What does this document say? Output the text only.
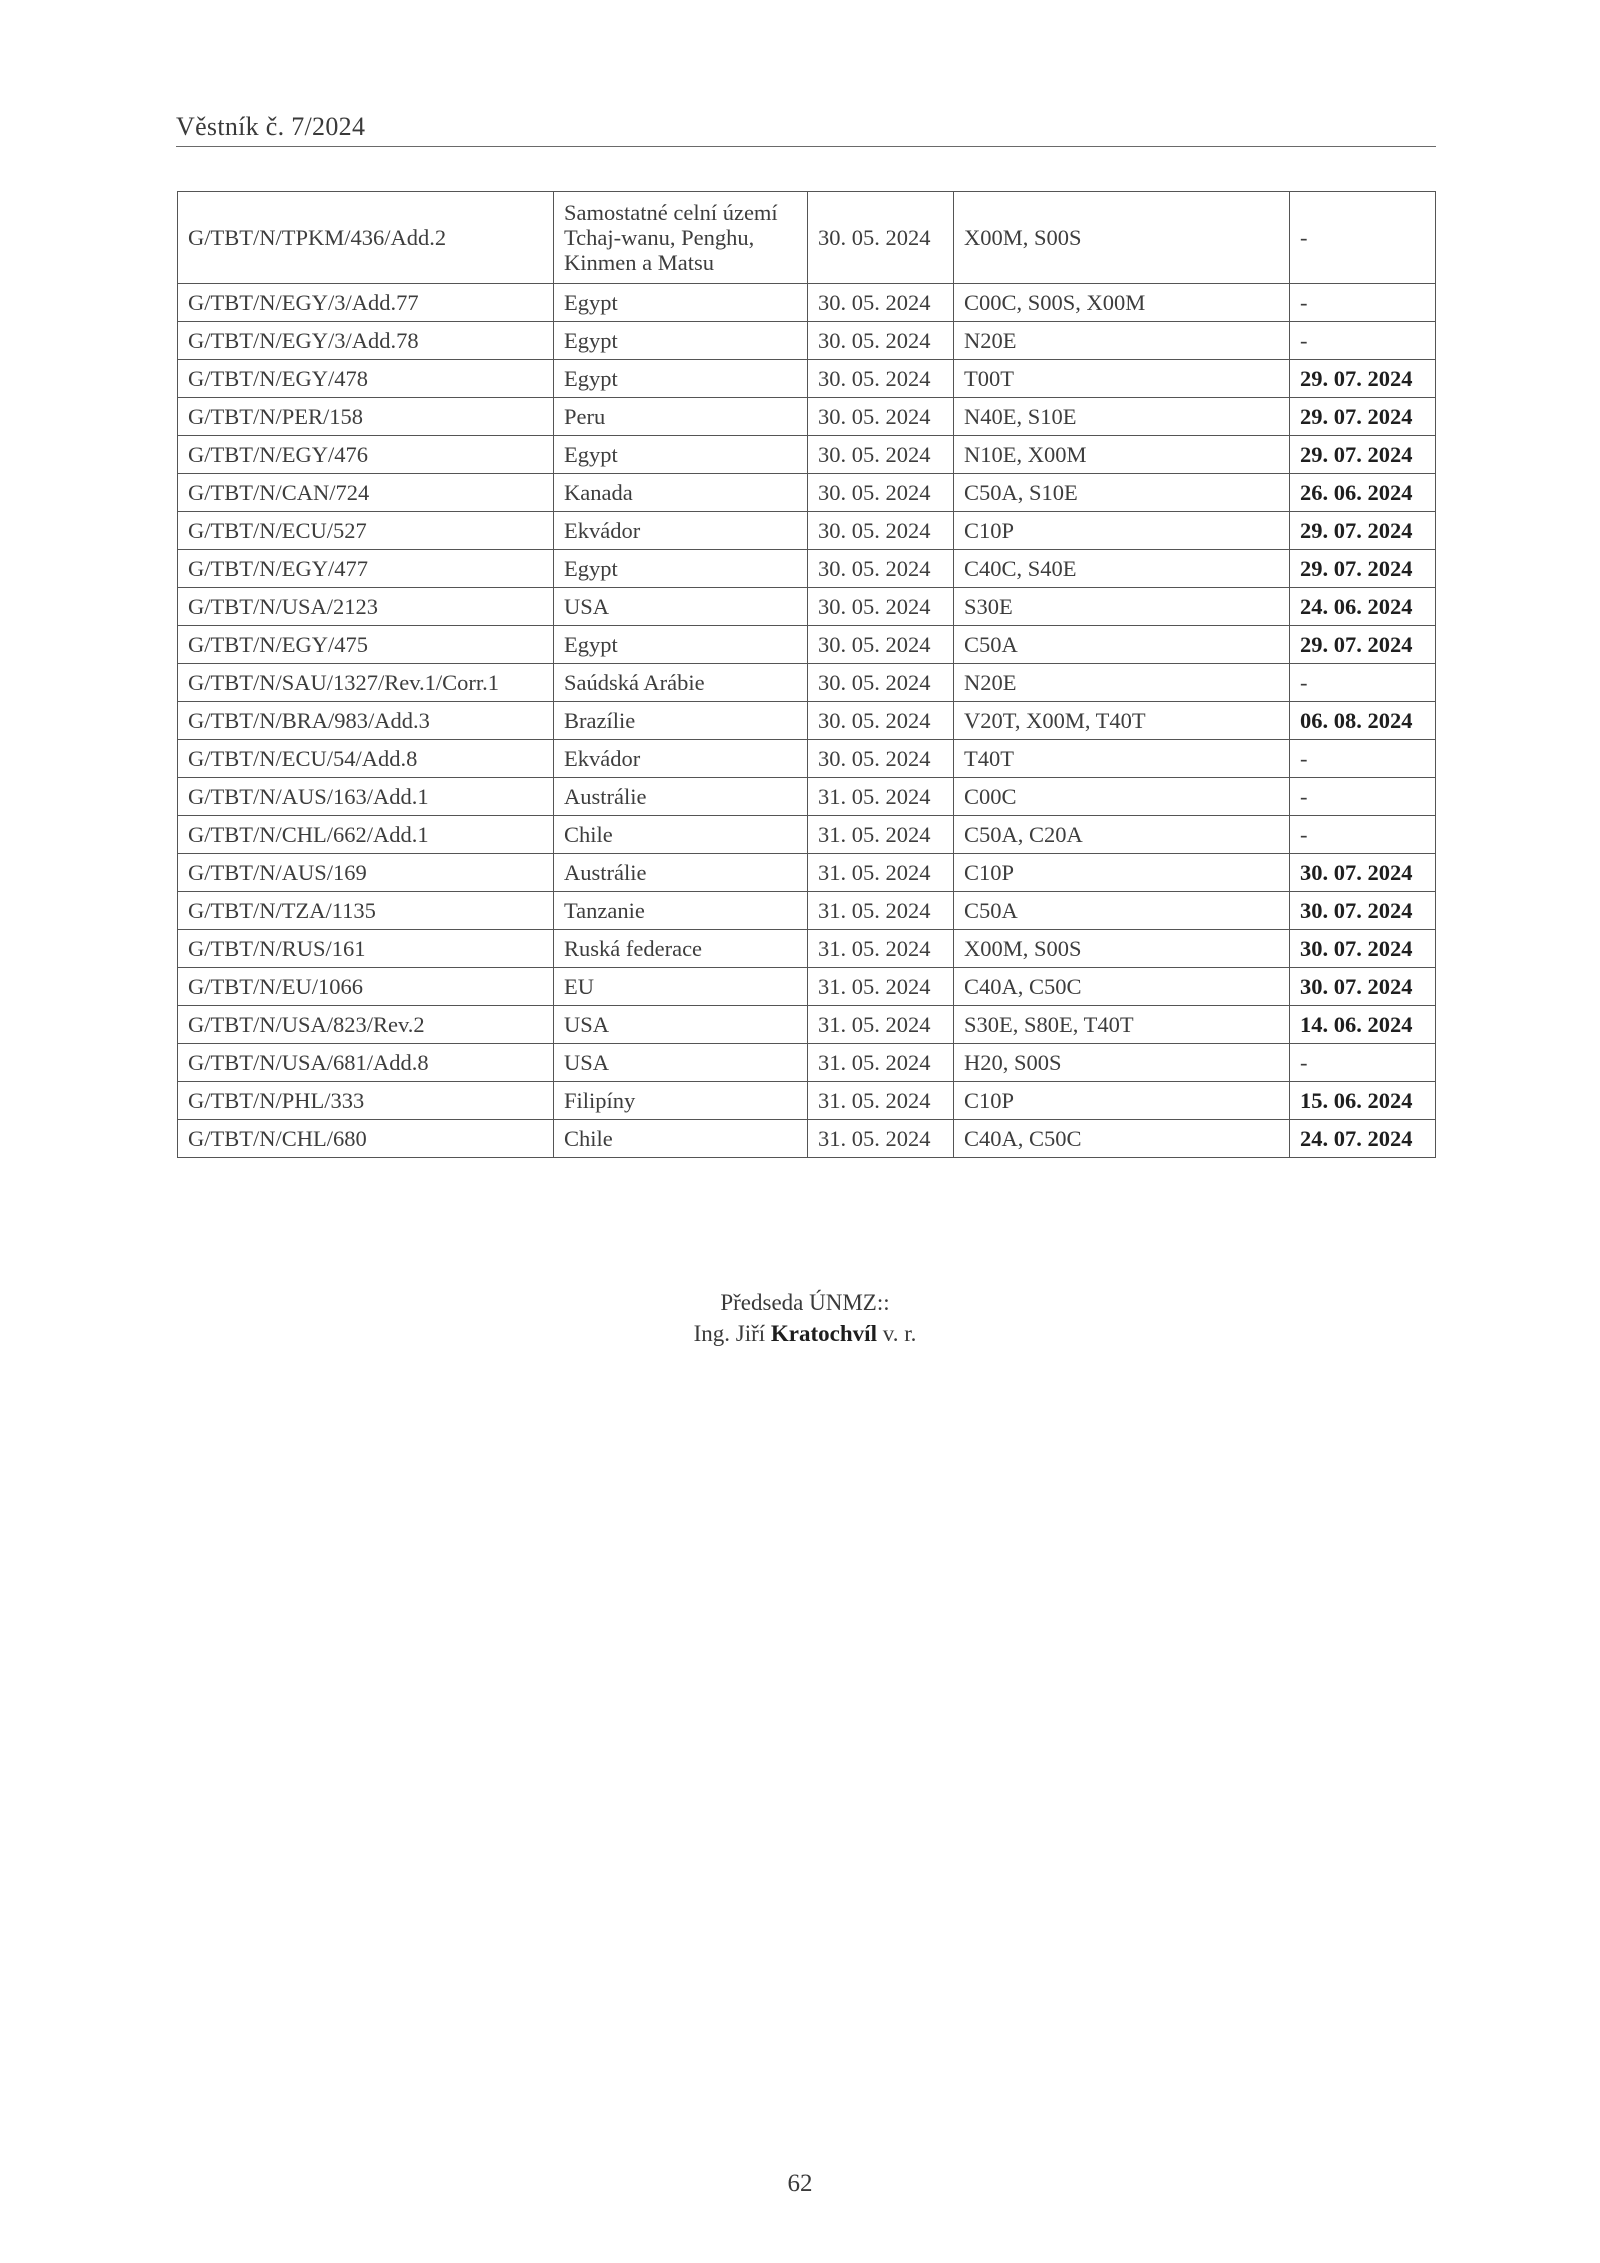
Věstník č. 7/2024
G/TBT/N/TPKM/436/Add.2	Samostatné celní území Tchaj-wanu, Penghu, Kinmen a Matsu	30. 05. 2024	X00M, S00S	-
G/TBT/N/EGY/3/Add.77	Egypt	30. 05. 2024	C00C, S00S, X00M	-
G/TBT/N/EGY/3/Add.78	Egypt	30. 05. 2024	N20E	-
G/TBT/N/EGY/478	Egypt	30. 05. 2024	T00T	29. 07. 2024
G/TBT/N/PER/158	Peru	30. 05. 2024	N40E, S10E	29. 07. 2024
G/TBT/N/EGY/476	Egypt	30. 05. 2024	N10E, X00M	29. 07. 2024
G/TBT/N/CAN/724	Kanada	30. 05. 2024	C50A, S10E	26. 06. 2024
G/TBT/N/ECU/527	Ekvádor	30. 05. 2024	C10P	29. 07. 2024
G/TBT/N/EGY/477	Egypt	30. 05. 2024	C40C, S40E	29. 07. 2024
G/TBT/N/USA/2123	USA	30. 05. 2024	S30E	24. 06. 2024
G/TBT/N/EGY/475	Egypt	30. 05. 2024	C50A	29. 07. 2024
G/TBT/N/SAU/1327/Rev.1/Corr.1	Saúdská Arábie	30. 05. 2024	N20E	-
G/TBT/N/BRA/983/Add.3	Brazílie	30. 05. 2024	V20T, X00M, T40T	06. 08. 2024
G/TBT/N/ECU/54/Add.8	Ekvádor	30. 05. 2024	T40T	-
G/TBT/N/AUS/163/Add.1	Austrálie	31. 05. 2024	C00C	-
G/TBT/N/CHL/662/Add.1	Chile	31. 05. 2024	C50A, C20A	-
G/TBT/N/AUS/169	Austrálie	31. 05. 2024	C10P	30. 07. 2024
G/TBT/N/TZA/1135	Tanzanie	31. 05. 2024	C50A	30. 07. 2024
G/TBT/N/RUS/161	Ruská federace	31. 05. 2024	X00M, S00S	30. 07. 2024
G/TBT/N/EU/1066	EU	31. 05. 2024	C40A, C50C	30. 07. 2024
G/TBT/N/USA/823/Rev.2	USA	31. 05. 2024	S30E, S80E, T40T	14. 06. 2024
G/TBT/N/USA/681/Add.8	USA	31. 05. 2024	H20, S00S	-
G/TBT/N/PHL/333	Filipíny	31. 05. 2024	C10P	15. 06. 2024
G/TBT/N/CHL/680	Chile	31. 05. 2024	C40A, C50C	24. 07. 2024
Předseda ÚNMZ::
Ing. Jiří Kratochvíl v. r.
62
